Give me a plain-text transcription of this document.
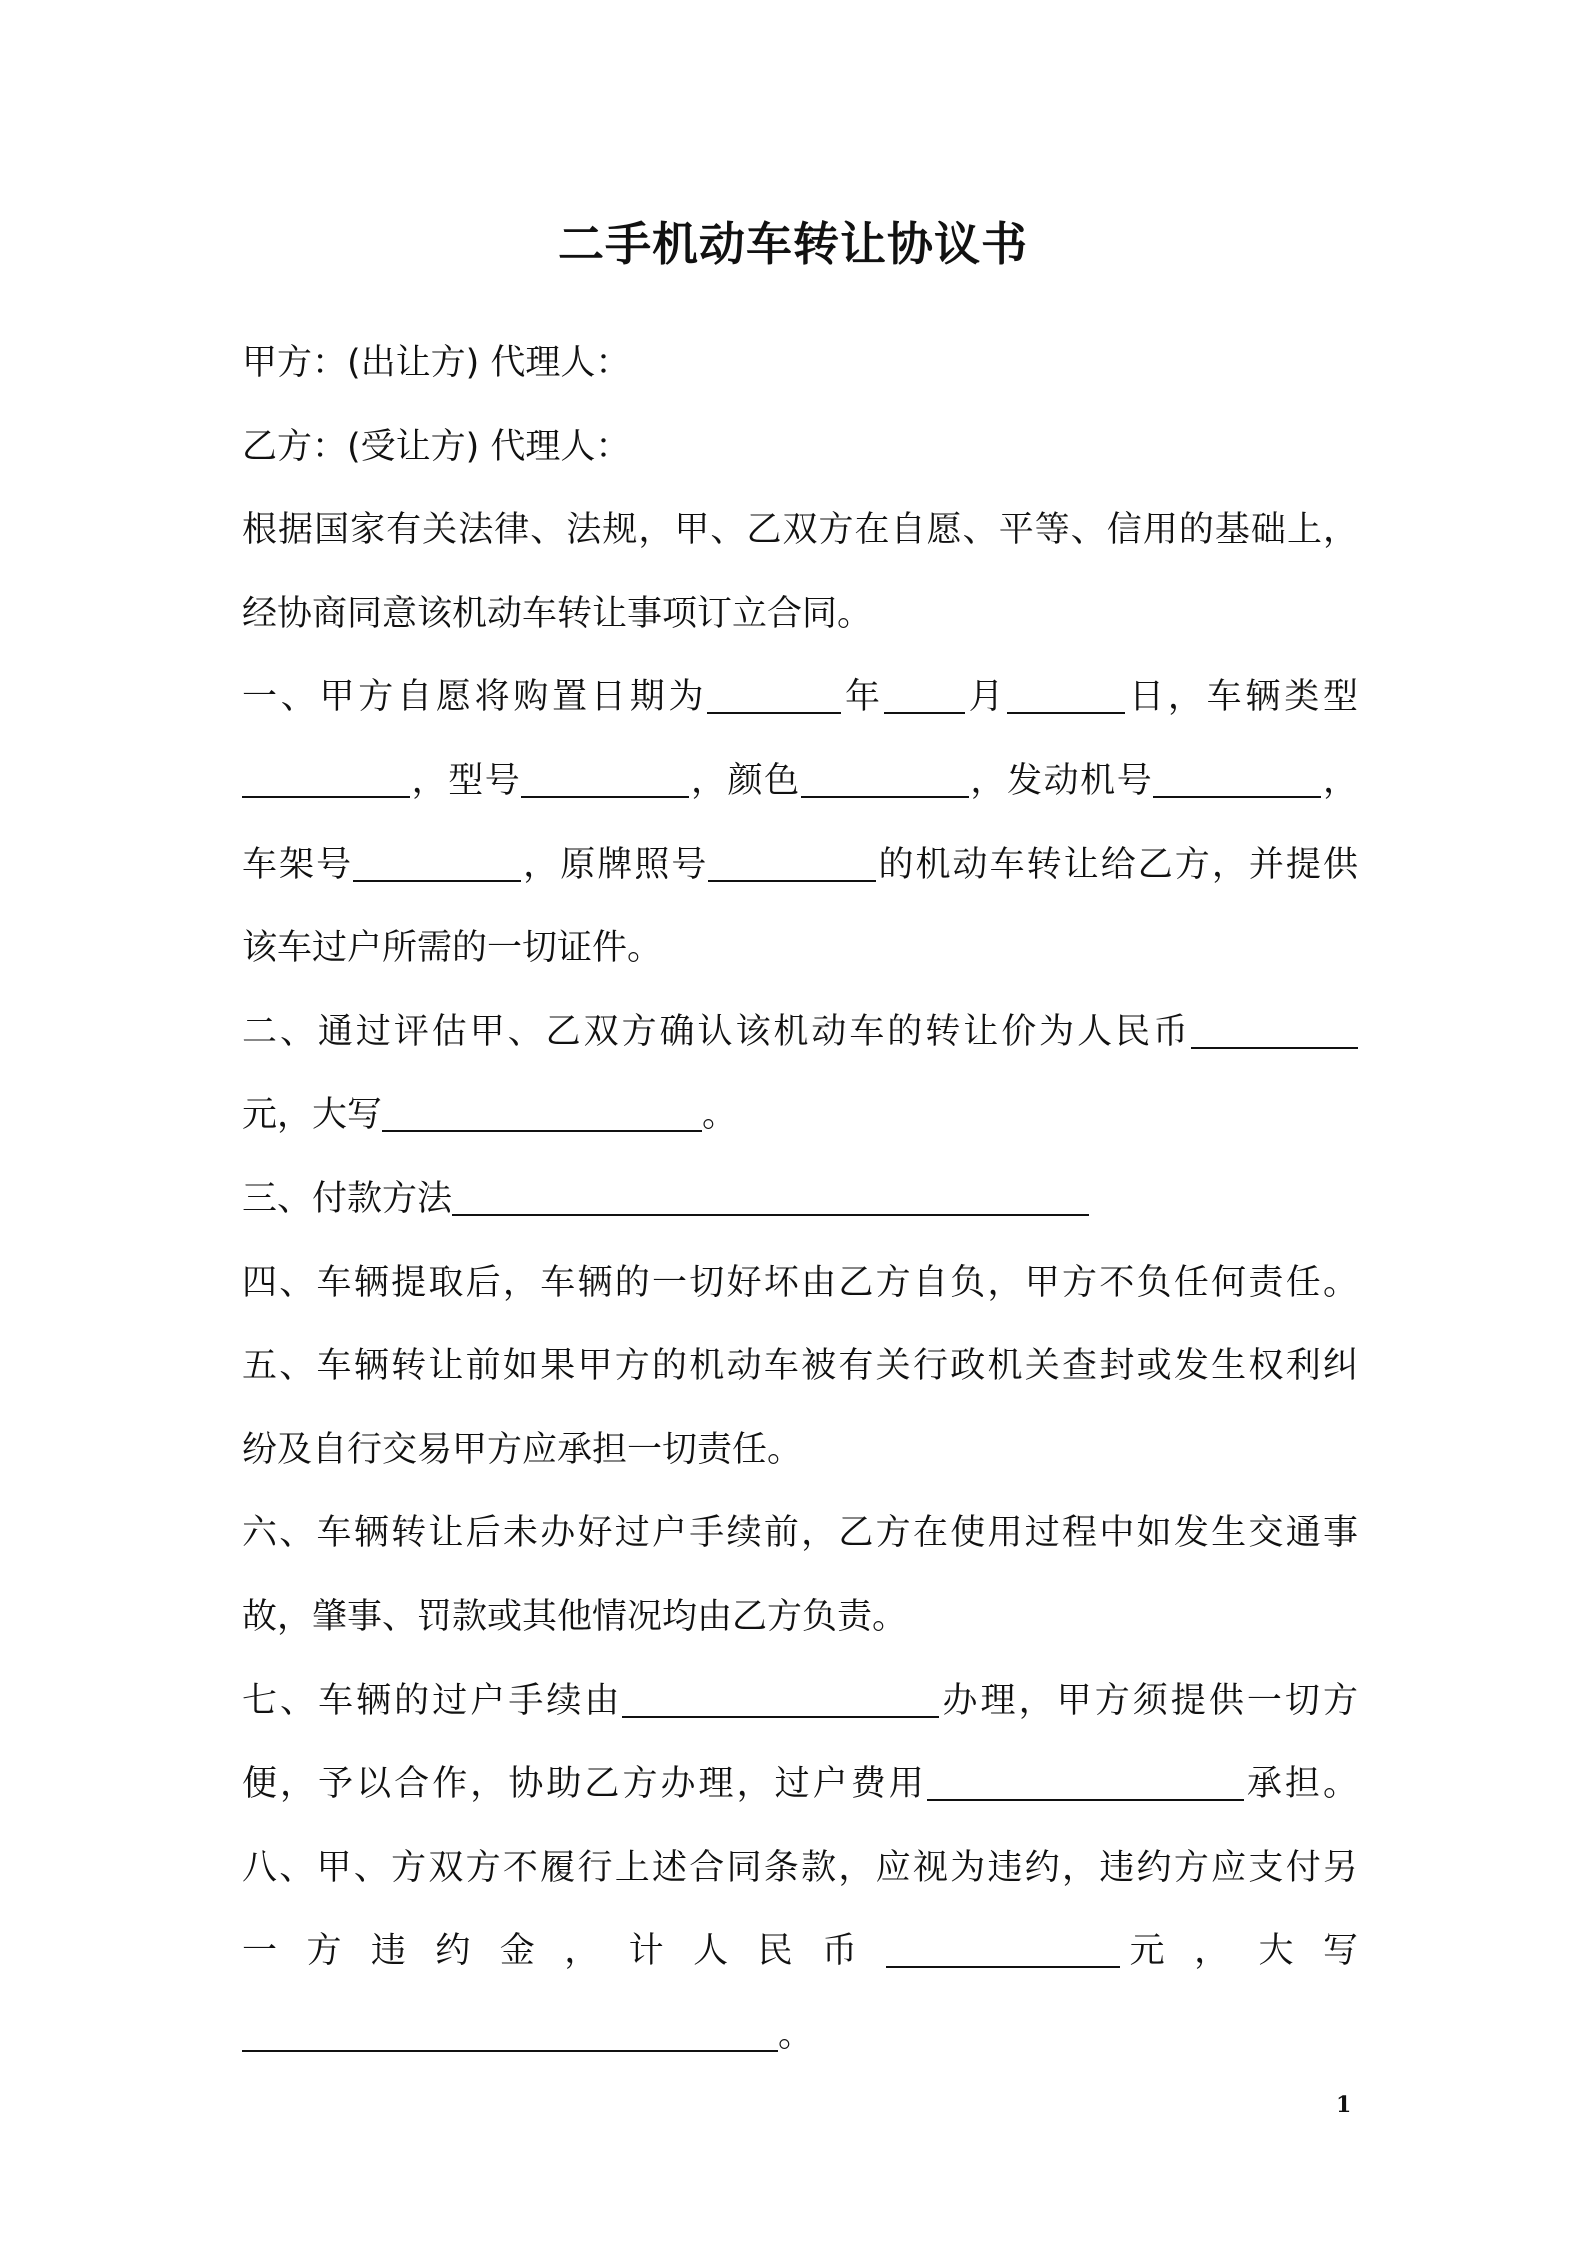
二手机动车转让协议书
甲方：(出让方) 代理人：
乙方：(受让方) 代理人：
根据国家有关法律、法规，甲、乙双方在自愿、平等、信用的基础上，
经协商同意该机动车转让事项订立合同。
一、甲方自愿将购置日期为	年 月	日，车辆类型
，型号	，颜色	，发动机号	，
车架号	，原牌照号	的机动车转让给乙方，并提供
该车过户所需的一切证件。
二、通过评估甲、乙双方确认该机动车的转让价为人民币
元，大写	。
三、付款方法
四、车辆提取后，车辆的一切好坏由乙方自负，甲方不负任何责任。
五、车辆转让前如果甲方的机动车被有关行政机关查封或发生权利纠
纷及自行交易甲方应承担一切责任。
六、车辆转让后未办好过户手续前，乙方在使用过程中如发生交通事
故，肇事、罚款或其他情况均由乙方负责。
七、车辆的过户手续由	办理，甲方须提供一切方
便，予以合作，协助乙方办理，过户费用	承担。
八、甲、方双方不履行上述合同条款，应视为违约，违约方应支付另
一 方 违 约 金 ， 计 人 民 币	元 ， 大 写
。
1
